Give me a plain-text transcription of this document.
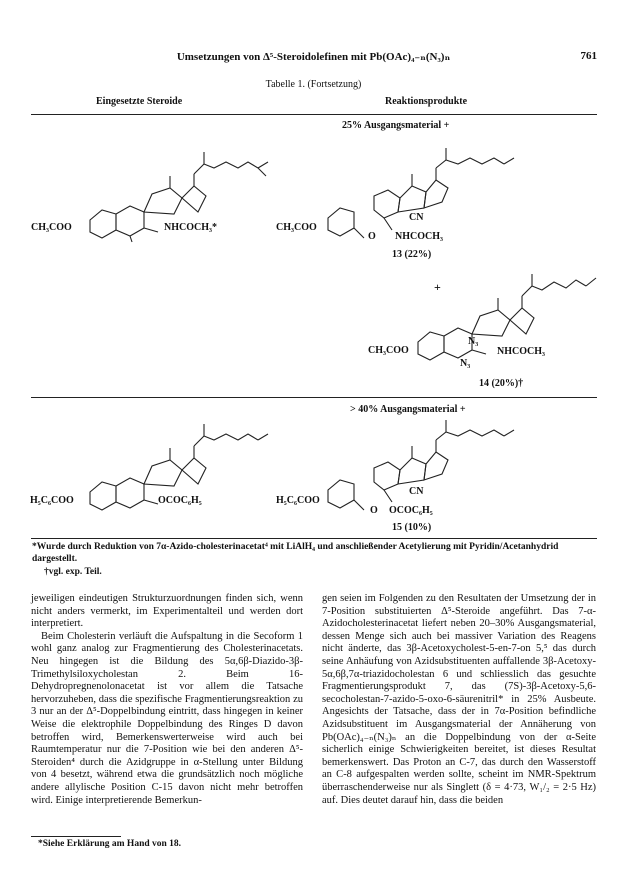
Umsetzungen von Δ⁵-Steroidolefinen mit Pb(OAc)₄₋ₙ(N₃)ₙ	761
Tabelle 1. (Fortsetzung)
Eingesetzte Steroide	Reaktionsprodukte
25% Ausgangsmaterial +
CH₃COO	NHCOCH₃*	CH₃COO
CN
O NHCOCH₃
13 (22%)
+
CH₃COO
N₃
N₃
NHCOCH₃
14 (20%)†
> 40% Ausgangsmaterial +
H₅C₆COO	OCOC₆H₅	H₅C₆COO
CN
O OCOC₆H₅
15 (10%)
*Wurde durch Reduktion von 7α-Azido-cholesterinacetat⁴ mit LiAlH₄ und anschließender Acetylierung mit Pyridin/Acetanhydrid dargestellt.
†vgl. exp. Teil.

jeweiligen eindeutigen Strukturzuordnungen finden sich, wenn nicht anders vermerkt, im Experimentalteil und werden dort interpretiert.

Beim Cholesterin verläuft die Aufspaltung in die Secoform 1 wohl ganz analog zur Fragmentierung des Cholesterinacetats. Neu hingegen ist die Bildung des 5α,6β-Diazido-3β-Trimethylsiloxycholestan 2. Beim 16-Dehydropregnenolonacetat ist vor allem die Tatsache hervorzuheben, dass die spezifische Fragmentierungsreaktion zu 3 nur an der Δ⁵-Doppelbindung eintritt, dass hingegen in keiner Weise die elektrophile Doppelbindung des Ringes D davon betroffen wird, Bemerkenswerterweise wird auch bei Raumtemperatur nur die 7-Position wie bei den anderen Δ⁵-Steroiden⁴ durch die Azidgruppe in α-Stellung unter Bildung von 4 besetzt, während etwa die grundsätzlich noch mögliche andere allylische Position C-15 davon nicht mehr betroffen wird. Einige interpretierende Bemerkun-

gen seien im Folgenden zu den Resultaten der Umsetzung der in 7-Position substituierten Δ⁵-Steroide angeführt. Das 7-α-Azidocholesterinacetat liefert neben 20–30% Ausgangsmaterial, dessen Menge sich auch bei massiver Variation des Reagens nicht änderte, das 3β-Acetoxycholest-5-en-7-on 5,⁵ das durch seine Anhäufung von Azidsubstituenten auffallende 3β-Acetoxy-5α,6β,7α-triazidocholestan 6 und schliesslich das gesuchte Fragmentierungsprodukt 7, das (7S)-3β-Acetoxy-5,6-secocholestan-7-azido-5-oxo-6-säurenitril* in 25% Ausbeute. Angesichts der Tatsache, dass der in 7α-Position befindliche Azidsubstituent im Ausgangsmaterial der Annäherung von Pb(OAc)₄₋ₙ(N₃)ₙ an die Doppelbindung von der α-Seite sicherlich einige Schwierigkeiten bereitet, ist dieses Resultat bemerkenswert. Das Proton an C-7, das durch den Wasserstoff an C-8 aufgespalten werden sollte, scheint im NMR-Spektrum überraschenderweise nur als Singlett (δ = 4·73, W₁/₂ = 2·5 Hz) auf. Dies deutet darauf hin, dass die beiden

*Siehe Erklärung am Hand von 18.
